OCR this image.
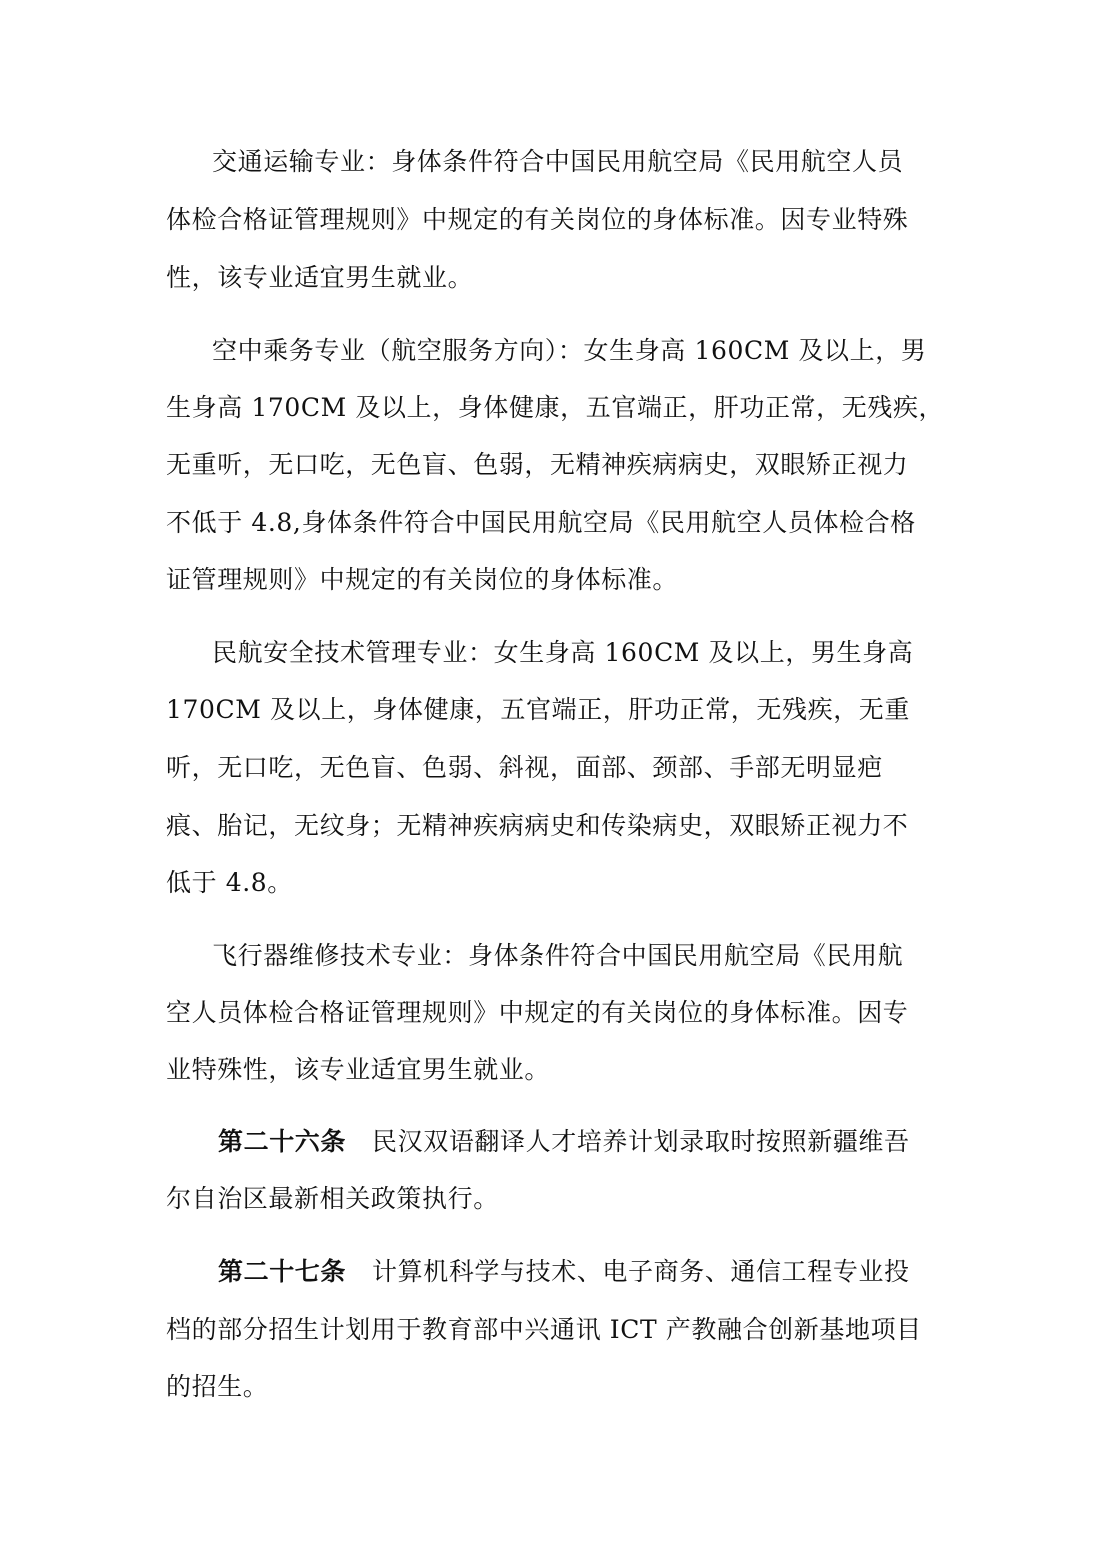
交通运输专业：身体条件符合中国民用航空局《民用航空人员
体检合格证管理规则》中规定的有关岗位的身体标准。因专业特殊
性，该专业适宜男生就业。
空中乘务专业（航空服务方向）：女生身高 160CM 及以上，男
生身高 170CM 及以上，身体健康，五官端正，肝功正常，无残疾，
无重听，无口吃，无色盲、色弱，无精神疾病病史，双眼矫正视力
不低于 4.8,身体条件符合中国民用航空局《民用航空人员体检合格
证管理规则》中规定的有关岗位的身体标准。
民航安全技术管理专业：女生身高 160CM 及以上，男生身高
170CM 及以上，身体健康，五官端正，肝功正常，无残疾，无重
听，无口吃，无色盲、色弱、斜视，面部、颈部、手部无明显疤
痕、胎记，无纹身；无精神疾病病史和传染病史，双眼矫正视力不
低于 4.8。
飞行器维修技术专业：身体条件符合中国民用航空局《民用航
空人员体检合格证管理规则》中规定的有关岗位的身体标准。因专
业特殊性，该专业适宜男生就业。
第二十六条 民汉双语翻译人才培养计划录取时按照新疆维吾
尔自治区最新相关政策执行。
第二十七条 计算机科学与技术、电子商务、通信工程专业投
档的部分招生计划用于教育部中兴通讯 ICT 产教融合创新基地项目
的招生。
